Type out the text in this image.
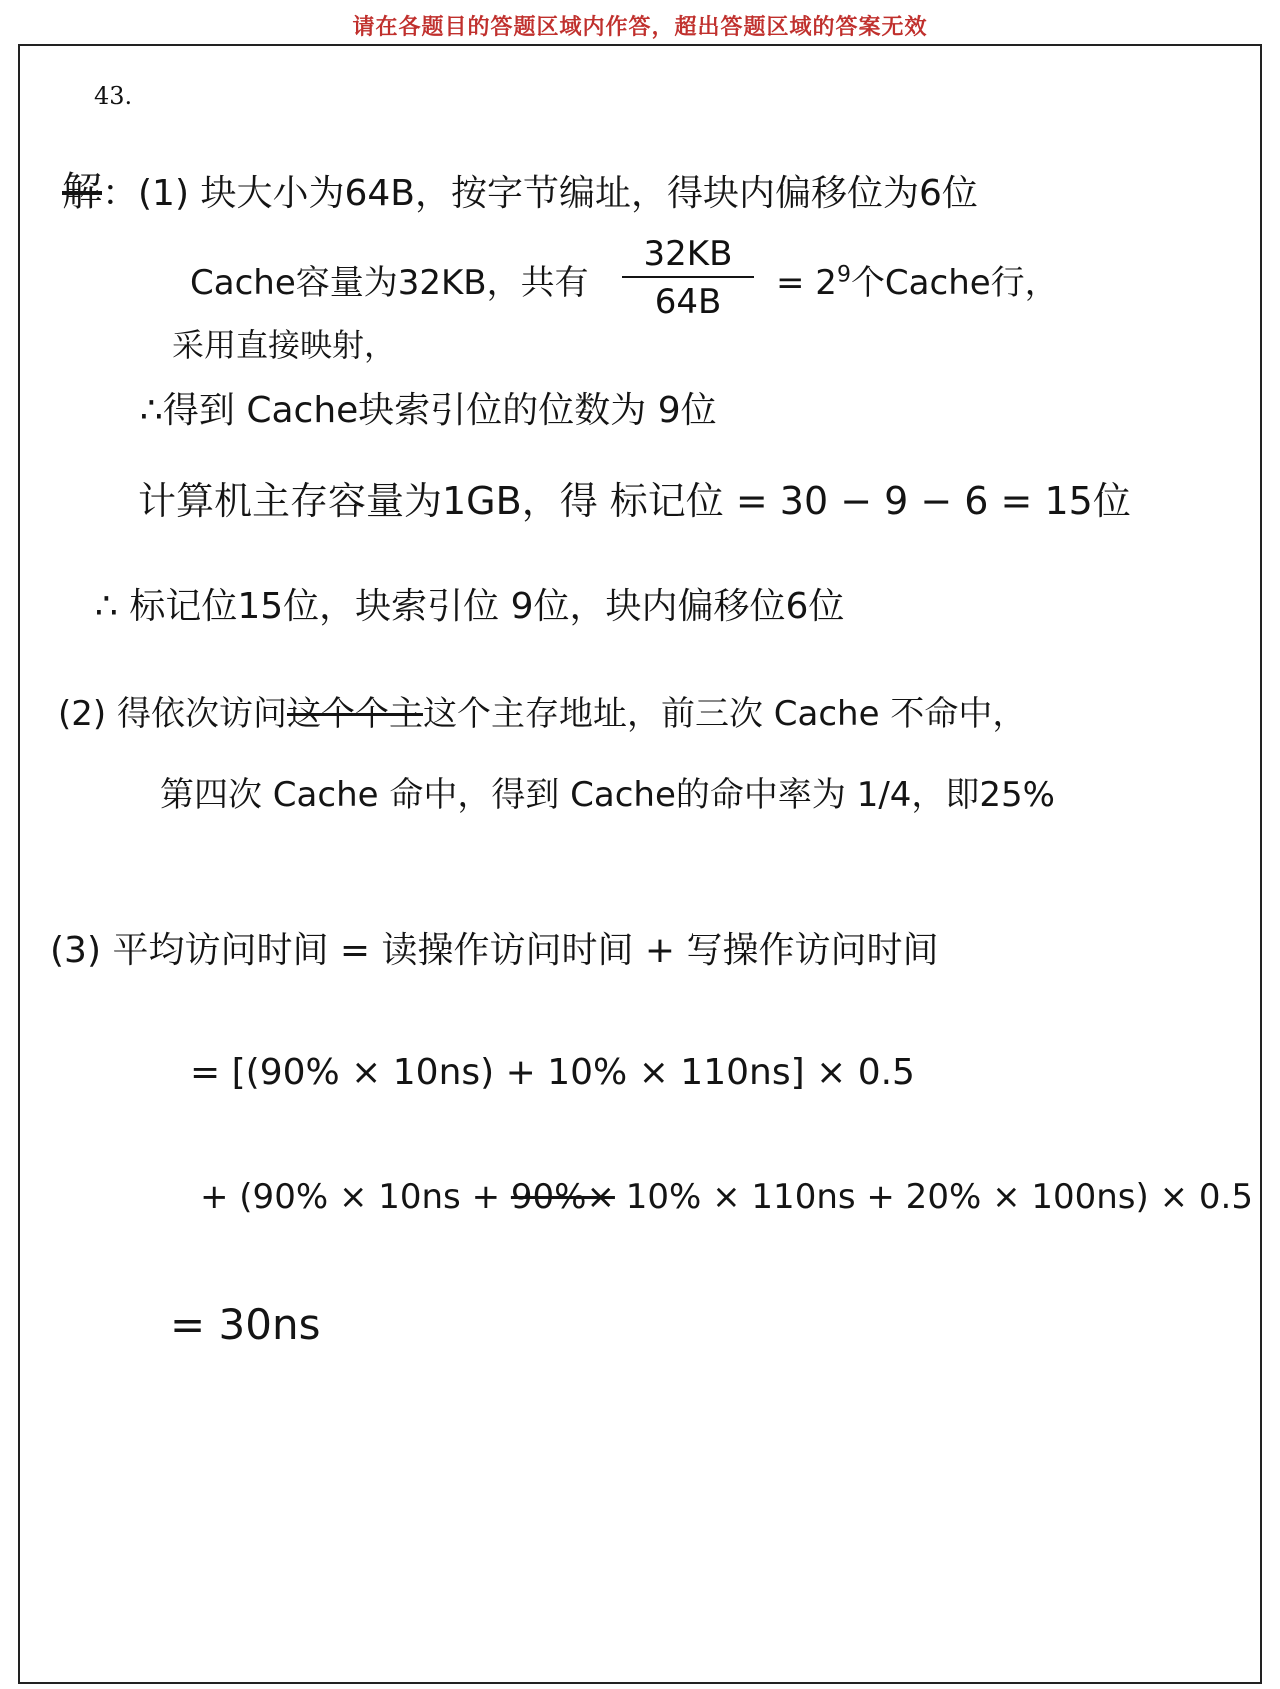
请在各题目的答题区域内作答，超出答题区域的答案无效
43.
解：(1) 块大小为64B，按字节编址，得块内偏移位为6位
Cache容量为32KB，共有 $\frac{32KB}{64B} = 2^9$个Cache行，
采用直接映射，
∴得到 Cache块索引位的位数为 9位
计算机主存容量为1GB，得 标记位 = 30 − 9 − 6 = 15位
∴ 标记位15位，块索引位 9位，块内偏移位6位
(2) 得依次访问这个个主这个主存地址，前三次 Cache 不命中，
第四次 Cache 命中，得到 Cache的命中率为 1/4，即25%
(3) 平均访问时间 = 读操作访问时间 + 写操作访问时间
= [(90% × 10ns) + 10% × 110ns] × 0.5
+ (90% × 10ns + 90%× 10% × 110ns + 20% × 100ns) × 0.5
= 30ns
